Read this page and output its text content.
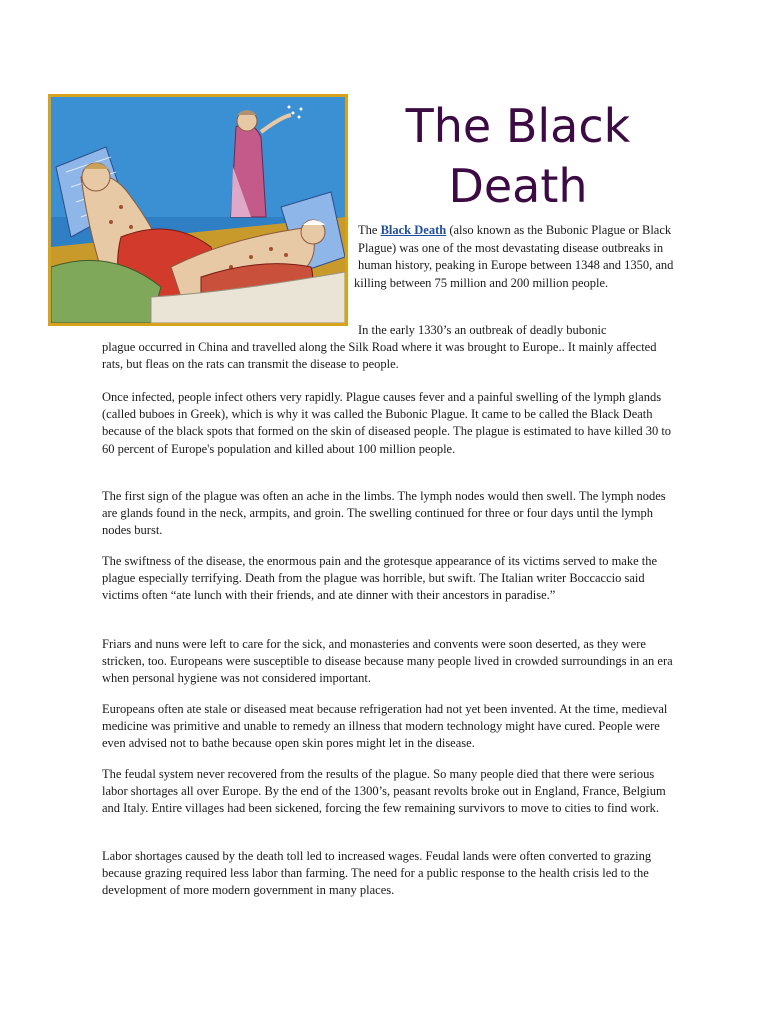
The Black Death
The Black Death (also known as the Bubonic Plague or Black Plague) was one of the most devastating disease outbreaks in human history, peaking in Europe between 1348 and 1350, and
killing between 75 million and 200 million people.

In the early 1330’s an outbreak of deadly bubonic
plague occurred in China and travelled along the Silk Road where it was brought to Europe.. It mainly affected rats, but fleas on the rats can transmit the disease to people.

Once infected, people infect others very rapidly. Plague causes fever and a painful swelling of the lymph glands (called buboes in Greek), which is why it was called the Bubonic Plague. It came to be called the Black Death because of the black spots that formed on the skin of diseased people. The plague is estimated to have killed 30 to 60 percent of Europe's population and killed about 100 million people.

The first sign of the plague was often an ache in the limbs. The lymph nodes would then swell. The lymph nodes are glands found in the neck, armpits, and groin. The swelling continued for three or four days until the lymph nodes burst.

The swiftness of the disease, the enormous pain and the grotesque appearance of its victims served to make the plague especially terrifying. Death from the plague was horrible, but swift. The Italian writer Boccaccio said victims often “ate lunch with their friends, and ate dinner with their ancestors in paradise.”

Friars and nuns were left to care for the sick, and monasteries and convents were soon deserted, as they were stricken, too. Europeans were susceptible to disease because many people lived in crowded surroundings in an era when personal hygiene was not considered important.

Europeans often ate stale or diseased meat because refrigeration had not yet been invented. At the time, medieval medicine was primitive and unable to remedy an illness that modern technology might have cured. People were even advised not to bathe because open skin pores might let in the disease.

The feudal system never recovered from the results of the plague. So many people died that there were serious labor shortages all over Europe. By the end of the 1300’s, peasant revolts broke out in England, France, Belgium and Italy. Entire villages had been sickened, forcing the few remaining survivors to move to cities to find work.

Labor shortages caused by the death toll led to increased wages. Feudal lands were often converted to grazing because grazing required less labor than farming. The need for a public response to the health crisis led to the development of more modern government in many places.
